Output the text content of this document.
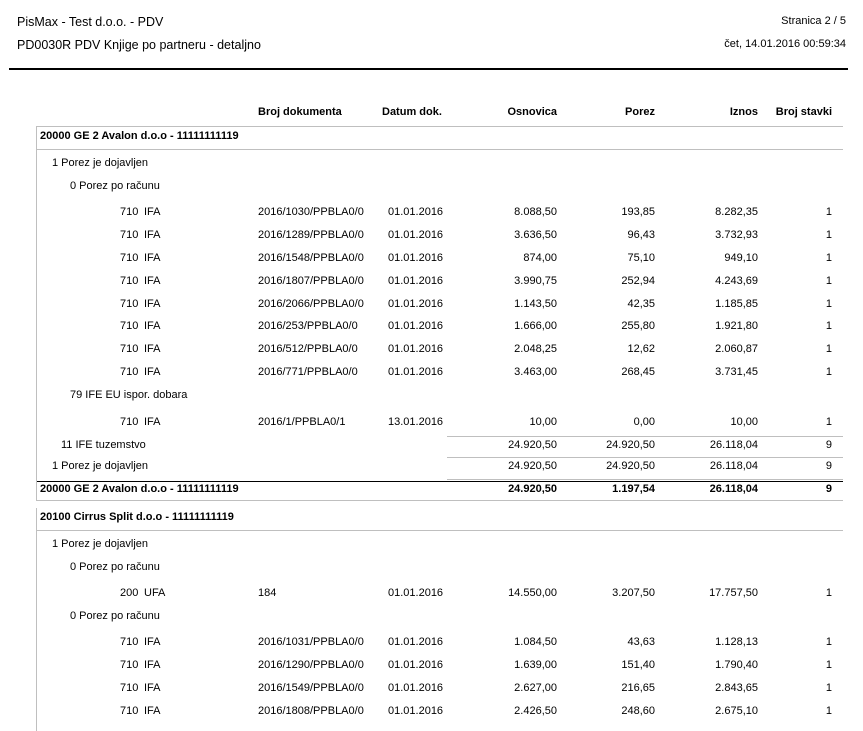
PisMax - Test d.o.o. - PDV
PD0030R PDV Knjige po partneru - detaljno
Stranica 2 / 5
čet, 14.01.2016 00:59:34
Broj dokumenta	Datum dok.	Osnovica	Porez	Iznos Broj stavki
20000 GE 2 Avalon d.o.o - 11111111119
1 Porez je dojavljen
0 Porez po računu
710 IFA	2016/1030/PPBLA0/0 01.01.2016	8.088,50	193,85	8.282,35	1
710 IFA	2016/1289/PPBLA0/0 01.01.2016	3.636,50	96,43	3.732,93	1
710 IFA	2016/1548/PPBLA0/0 01.01.2016	874,00	75,10	949,10	1
710 IFA	2016/1807/PPBLA0/0 01.01.2016	3.990,75	252,94	4.243,69	1
710 IFA	2016/2066/PPBLA0/0 01.01.2016	1.143,50	42,35	1.185,85	1
710 IFA	2016/253/PPBLA0/0	01.01.2016	1.666,00	255,80	1.921,80	1
710 IFA	2016/512/PPBLA0/0	01.01.2016	2.048,25	12,62	2.060,87	1
710 IFA	2016/771/PPBLA0/0	01.01.2016	3.463,00	268,45	3.731,45	1
79 IFE EU ispor. dobara
710 IFA	2016/1/PPBLA0/1	13.01.2016	10,00	0,00	10,00	1
11 IFE tuzemstvo	24.920,50	24.920,50	26.118,04	9
1 Porez je dojavljen	24.920,50	24.920,50	26.118,04	9
20000 GE 2 Avalon d.o.o - 11111111119	24.920,50	1.197,54	26.118,04	9
20100 Cirrus Split d.o.o - 11111111119
1 Porez je dojavljen
0 Porez po računu
200 UFA	184	01.01.2016	14.550,00	3.207,50	17.757,50	1
0 Porez po računu
710 IFA	2016/1031/PPBLA0/0 01.01.2016	1.084,50	43,63	1.128,13	1
710 IFA	2016/1290/PPBLA0/0 01.01.2016	1.639,00	151,40	1.790,40	1
710 IFA	2016/1549/PPBLA0/0 01.01.2016	2.627,00	216,65	2.843,65	1
710 IFA	2016/1808/PPBLA0/0 01.01.2016	2.426,50	248,60	2.675,10	1
